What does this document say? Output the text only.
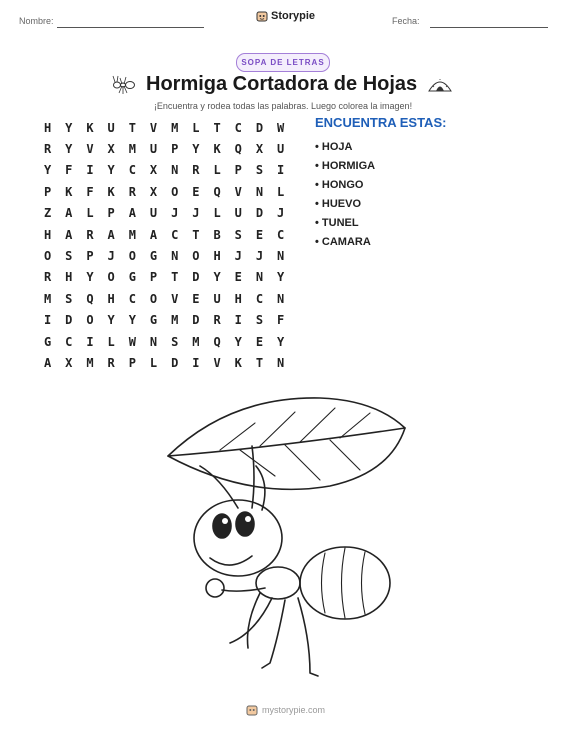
Nombre:	Storypie	Fecha:
SOPA DE LETRAS
Hormiga Cortadora de Hojas
¡Encuentra y rodea todas las palabras. Luego colorea la imagen!
H	Y	K	U	T	V	M	L	T	C	D	W
R	Y	V	X	M	U	P	Y	K	Q	X	U
Y	F	I	Y	C	X	N	R	L	P	S	I
P	K	F	K	R	X	O	E	Q	V	N	L
Z	A	L	P	A	U	J	J	L	U	D	J
H	A	R	A	M	A	C	T	B	S	E	C
O	S	P	J	O	G	N	O	H	J	J	N
R	H	Y	O	G	P	T	D	Y	E	N	Y
M	S	Q	H	C	O	V	E	U	H	C	N
I	D	O	Y	Y	G	M	D	R	I	S	F
G	C	I	L	W	N	S	M	Q	Y	E	Y
A	X	M	R	P	L	D	I	V	K	T	N
ENCUENTRA ESTAS:
• HOJA
• HORMIGA
• HONGO
• HUEVO
• TUNEL
• CAMARA
mystorypie.com
